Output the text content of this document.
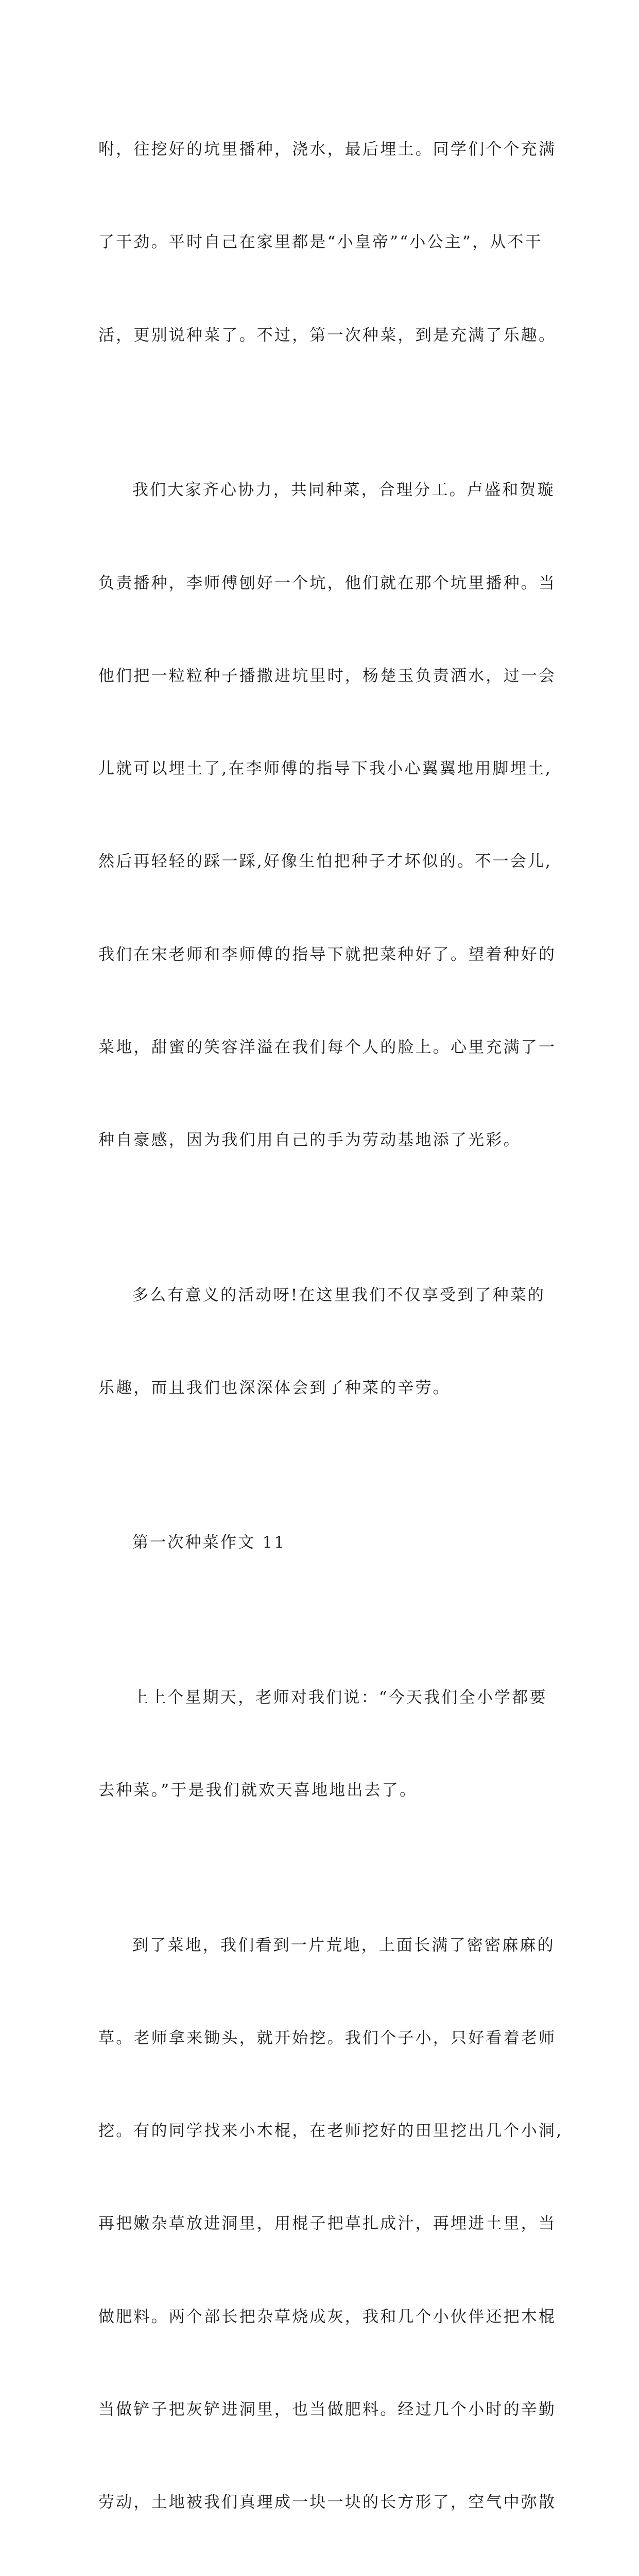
咐，往挖好的坑里播种，浇水，最后埋土。同学们个个充满

了干劲。平时自己在家里都是“小皇帝”“小公主”，从不干

活，更别说种菜了。不过，第一次种菜，到是充满了乐趣。

我们大家齐心协力，共同种菜，合理分工。卢盛和贺璇

负责播种，李师傅刨好一个坑，他们就在那个坑里播种。当

他们把一粒粒种子播撒进坑里时，杨楚玉负责洒水，过一会

儿就可以埋土了,在李师傅的指导下我小心翼翼地用脚埋土,

然后再轻轻的踩一踩,好像生怕把种子才坏似的。不一会儿,

我们在宋老师和李师傅的指导下就把菜种好了。望着种好的

菜地，甜蜜的笑容洋溢在我们每个人的脸上。心里充满了一

种自豪感，因为我们用自己的手为劳动基地添了光彩。

多么有意义的活动呀!在这里我们不仅享受到了种菜的

乐趣，而且我们也深深体会到了种菜的辛劳。

第一次种菜作文 11

上上个星期天，老师对我们说：“今天我们全小学都要

去种菜。”于是我们就欢天喜地地出去了。

到了菜地，我们看到一片荒地，上面长满了密密麻麻的

草。老师拿来锄头，就开始挖。我们个子小，只好看着老师

挖。有的同学找来小木棍，在老师挖好的田里挖出几个小洞,

再把嫩杂草放进洞里，用棍子把草扎成汁，再埋进土里，当

做肥料。两个部长把杂草烧成灰，我和几个小伙伴还把木棍

当做铲子把灰铲进洞里，也当做肥料。经过几个小时的辛勤

劳动，土地被我们真理成一块一块的长方形了，空气中弥散
